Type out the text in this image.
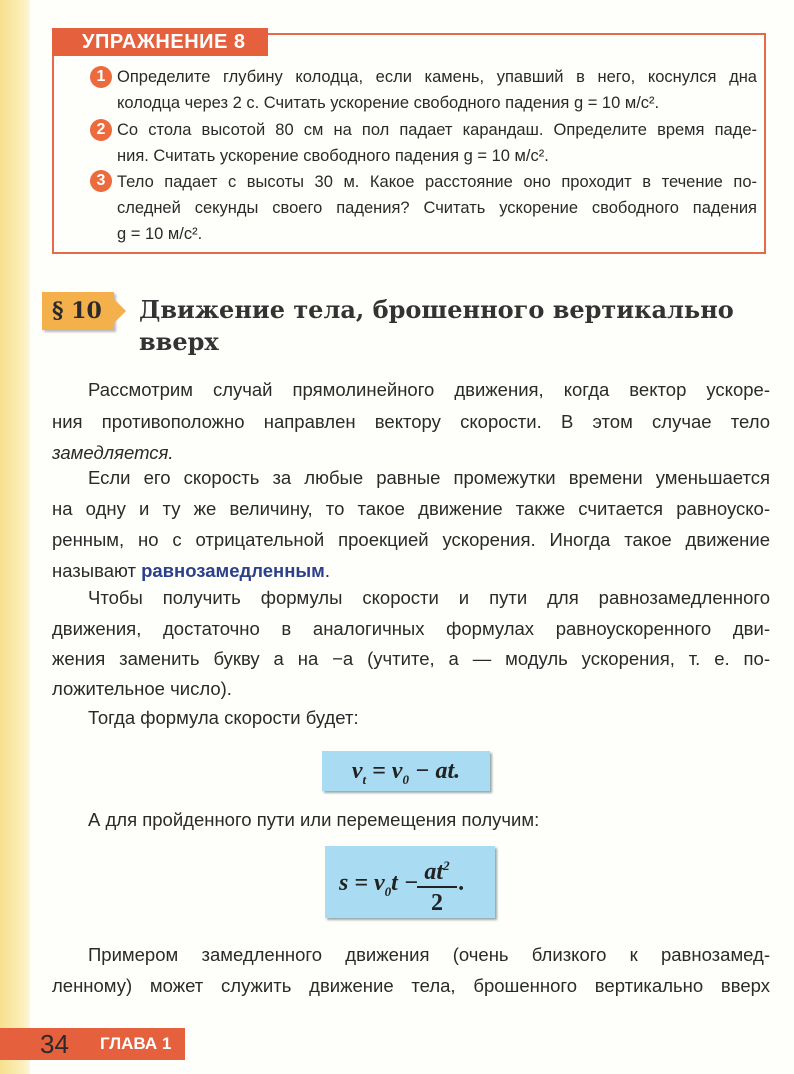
УПРАЖНЕНИЕ 8
1 Определите глубину колодца, если камень, упавший в него, коснулся дна
колодца через 2 с. Считать ускорение свободного падения g = 10 м/с².
2 Со стола высотой 80 см на пол падает карандаш. Определите время паде-
ния. Считать ускорение свободного падения g = 10 м/с².
3 Тело падает с высоты 30 м. Какое расстояние оно проходит в течение по-
следней секунды своего падения? Считать ускорение свободного падения
g = 10 м/с².
§ 10	Движение тела, брошенного вертикально
вверх
Рассмотрим случай прямолинейного движения, когда вектор ускоре-
ния противоположно направлен вектору скорости. В этом случае тело
замедляется.
Если его скорость за любые равные промежутки времени уменьшается
на одну и ту же величину, то такое движение также считается равноуско-
ренным, но с отрицательной проекцией ускорения. Иногда такое движение
называют равнозамедленным.
Чтобы получить формулы скорости и пути для равнозамедленного
движения, достаточно в аналогичных формулах равноускоренного дви-
жения заменить букву a на −a (учтите, a — модуль ускорения, т. е. по-
ложительное число).
Тогда формула скорости будет:
$v_t = v_0$ − at.
А для пройденного пути или перемещения получим:
$s = v_0t$ −
$\frac{at^2}{2}$ .
Примером замедленного движения (очень близкого к равнозамед-
ленному) может служить движение тела, брошенного вертикально вверх
34 ГЛАВА 1
